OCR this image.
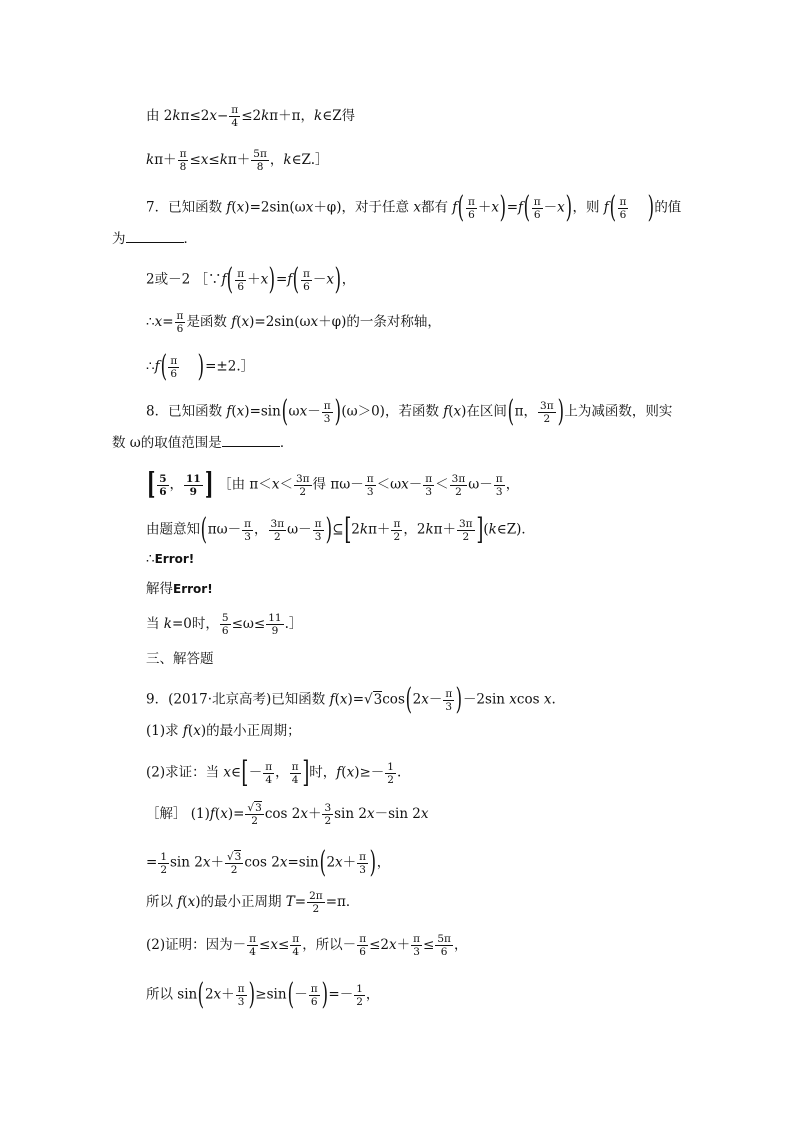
由 $2k\pi\le 2x- \frac{\pi}{4} \le 2k\pi+\pi$，k∈Z得
$k\pi+ \frac{\pi}{8} \le x\le k\pi+ \frac{5\pi}{8}$ ，k∈Z.］
7．已知函数 f(x)=2sin(ωx＋φ)，对于任意 x都有 $f( \frac{\pi}{6} +x)=f( \frac{\pi}{6} -x)$，则 $f( \frac{\pi}{6}$ )的值
为	．
2或－2 ［∵f( $\frac{\pi}{6} +x)=f( \frac{\pi}{6} -x)$，
∴x= $\frac{\pi}{6}$ 是函数 f(x)=2sin(ωx＋φ)的一条对称轴，
∴f( $\frac{\pi}{6}$ )=±2.］
8．已知函数 $f(x)=\sin(\omega x- \frac{\pi}{3} )(\omega>0)$，若函数 f(x)在区间(π， $\frac{3\pi}{2}$ )上为减函数，则实
数 ω的取值范围是	．
[ $\frac{5}{6}$ ， $\frac{11}{9}$ ] ［由 $\pi<x< \frac{3\pi}{2}$ 得 $\pi\omega- \frac{\pi}{3} <\omega x- \frac{\pi}{3} < \frac{3\pi}{2} \omega- \frac{\pi}{3}$ ，
由题意知($\pi\omega- \frac{\pi}{3}$ ， $\frac{3\pi}{2} \omega- \frac{\pi}{3}$ )⊆[2kπ＋ $\frac{\pi}{2}$ ，$2k\pi+ \frac{3\pi}{2}$ ](k∈Z)．
∴Error!
解得Error!
当 k=0时， $\frac{5}{6} \le\omega\le \frac{11}{9}$ .］
三、解答题
9．(2017·北京高考)已知函数 $f(x)=√3\cos(2x- \frac{\pi}{3} )-2\sin$ xcos x.
(1)求 f(x)的最小正周期；
(2)求证：当 x∈[－ $\frac{\pi}{4}$ ， $\frac{\pi}{4}$ ]时，$f(x)\ge- \frac{1}{2}$ .
［解］ $(1)f(x)= \frac{√3}{2}$ $\cos 2x+ \frac{3}{2}$ sin 2x－sin 2x
= $\frac{1}{2}$ $\sin 2x+ \frac{√3}{2}$ $\cos 2x=\sin(2x+ \frac{\pi}{3}$ )，
所以 f(x)的最小正周期 $T= \frac{2\pi}{2} =\pi$．
(2)证明：因为－ $\frac{\pi}{4} \le x\le \frac{\pi}{4}$ ，所以－ $\frac{\pi}{6} \le 2x+ \frac{\pi}{3} \le \frac{5\pi}{6}$ ，
所以 $\sin(2x+ \frac{\pi}{3} )\ge\sin(- \frac{\pi}{6}$ )=－ $\frac{1}{2}$ ，
